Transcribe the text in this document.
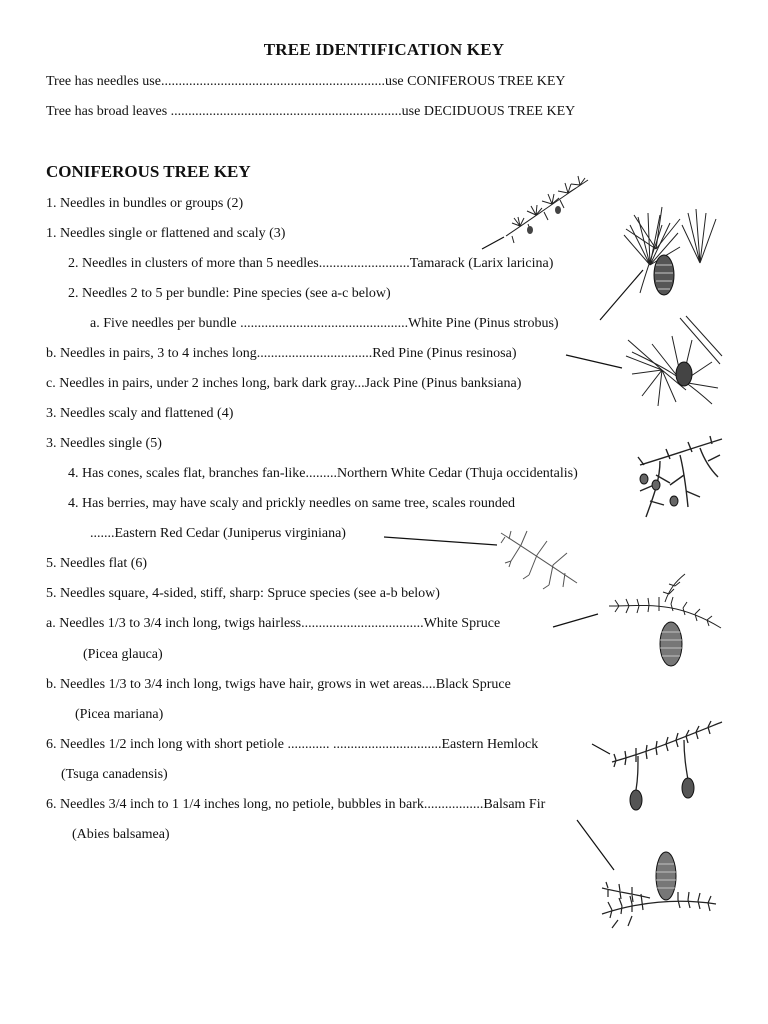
TREE IDENTIFICATION KEY
Tree has needles use................................................................use CONIFEROUS TREE KEY
Tree has broad leaves ..................................................................use DECIDUOUS TREE KEY
CONIFEROUS TREE KEY
1. Needles in bundles or groups (2)
1. Needles single or flattened and scaly (3)
2. Needles in clusters of more than 5 needles..........................Tamarack (Larix laricina)
2. Needles 2 to 5 per bundle: Pine species (see a-c below)
a. Five needles per bundle ................................................White Pine (Pinus strobus)
b. Needles in pairs, 3 to 4 inches long.................................Red Pine (Pinus resinosa)
c. Needles in pairs, under 2 inches long, bark dark gray...Jack Pine (Pinus banksiana)
3. Needles scaly and flattened (4)
3. Needles single (5)
4. Has cones, scales flat, branches fan-like.........Northern White Cedar (Thuja occidentalis)
4. Has berries, may have scaly and prickly needles on same tree, scales rounded
.......Eastern Red Cedar (Juniperus virginiana)
5. Needles flat (6)
5. Needles square, 4-sided, stiff, sharp: Spruce species (see a-b below)
a. Needles 1/3 to 3/4 inch long, twigs hairless...................................White Spruce
(Picea glauca)
b. Needles 1/3 to 3/4 inch long, twigs have hair, grows in wet areas....Black Spruce
(Picea mariana)
6. Needles 1/2 inch long with short petiole ............ ...............................Eastern Hemlock
(Tsuga canadensis)
6. Needles 3/4 inch to 1 1/4 inches long, no petiole, bubbles in bark.................Balsam Fir
(Abies balsamea)
